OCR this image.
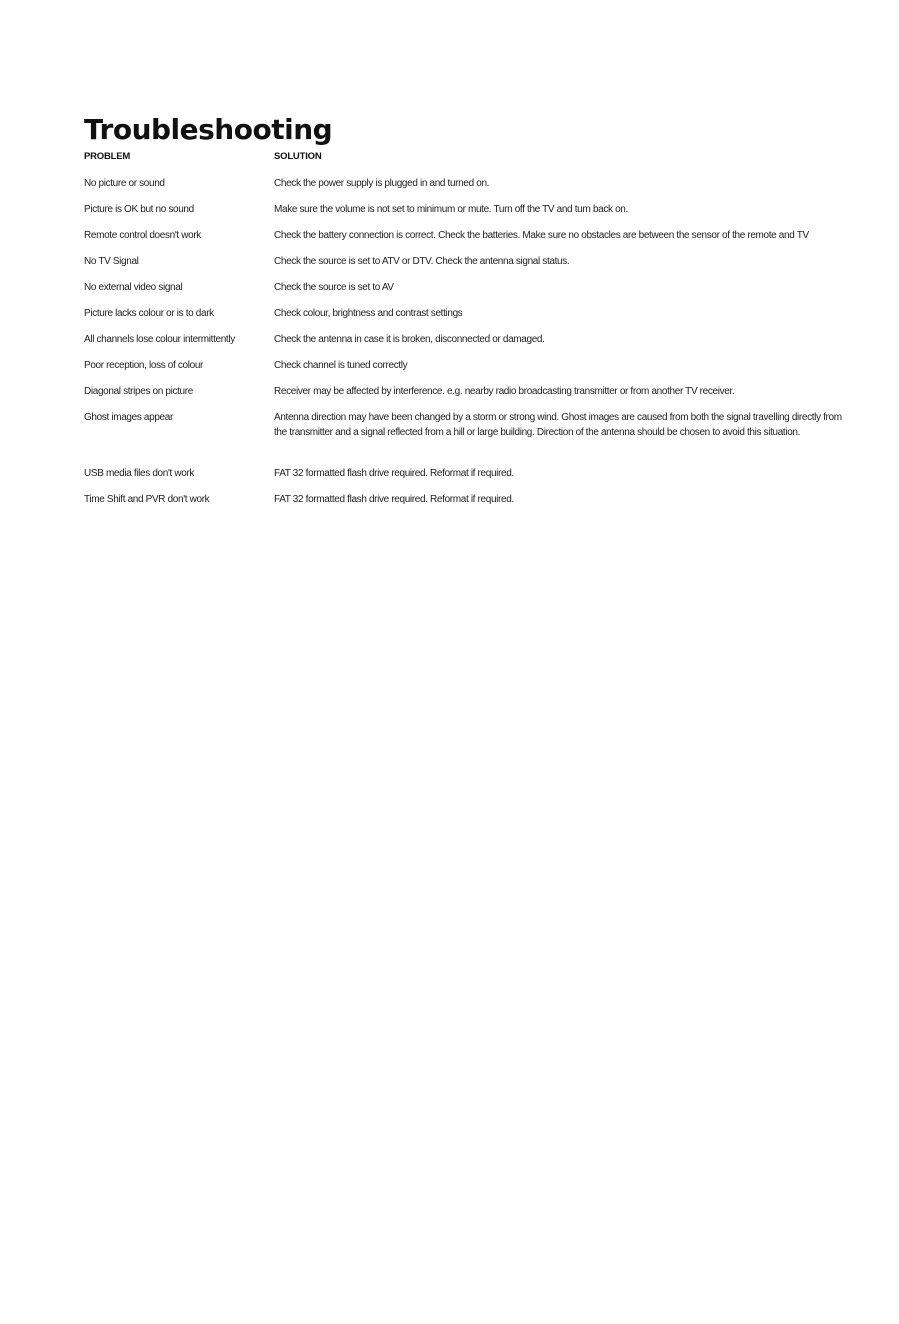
Troubleshooting
PROBLEM	SOLUTION
No picture or sound	Check the power supply is plugged in and turned on.
Picture is OK but no sound	Make sure the volume is not set to minimum or mute. Turn off the TV and turn back on.
Remote control doesn't work	Check the battery connection is correct. Check the batteries. Make sure no obstacles are between the sensor of the remote and TV
No TV Signal	Check the source is set to ATV or DTV. Check the antenna signal status.
No external video signal	Check the source is set to AV
Picture lacks colour or is to dark	Check colour, brightness and contrast settings
All channels lose colour intermittently	Check the antenna in case it is broken, disconnected or damaged.
Poor reception, loss of colour	Check channel is tuned correctly
Diagonal stripes on picture	Receiver may be affected by interference. e.g. nearby radio broadcasting transmitter or from another TV receiver.
Ghost images appear	Antenna direction may have been changed by a storm or strong wind. Ghost images are caused from both the signal travelling directly from the transmitter and a signal reflected from a hill or large building. Direction of the antenna should be chosen to avoid this situation.
USB media files don't work	FAT 32 formatted flash drive required. Reformat if required.
Time Shift and PVR don't work	FAT 32 formatted flash drive required. Reformat if required.
